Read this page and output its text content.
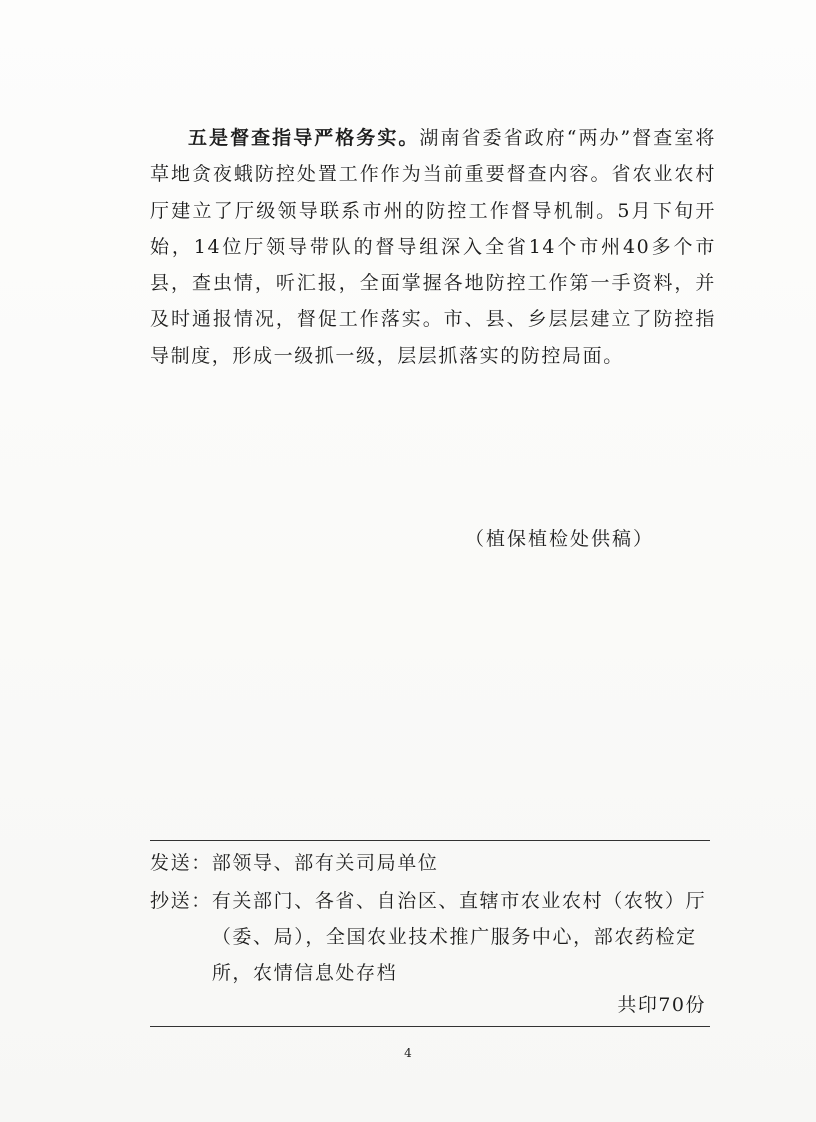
五是督查指导严格务实。湖南省委省政府“两办”督查室将草地贪夜蛾防控处置工作作为当前重要督查内容。省农业农村厅建立了厅级领导联系市州的防控工作督导机制。5月下旬开始，14位厅领导带队的督导组深入全省14个市州40多个市县，查虫情，听汇报，全面掌握各地防控工作第一手资料，并及时通报情况，督促工作落实。市、县、乡层层建立了防控指导制度，形成一级抓一级，层层抓落实的防控局面。

（植保植检处供稿）

发送： 部领导、部有关司局单位
抄送： 有关部门、各省、自治区、直辖市农业农村（农牧）厅（委、局），全国农业技术推广服务中心，部农药检定所，农情信息处存档

共印70份

4
